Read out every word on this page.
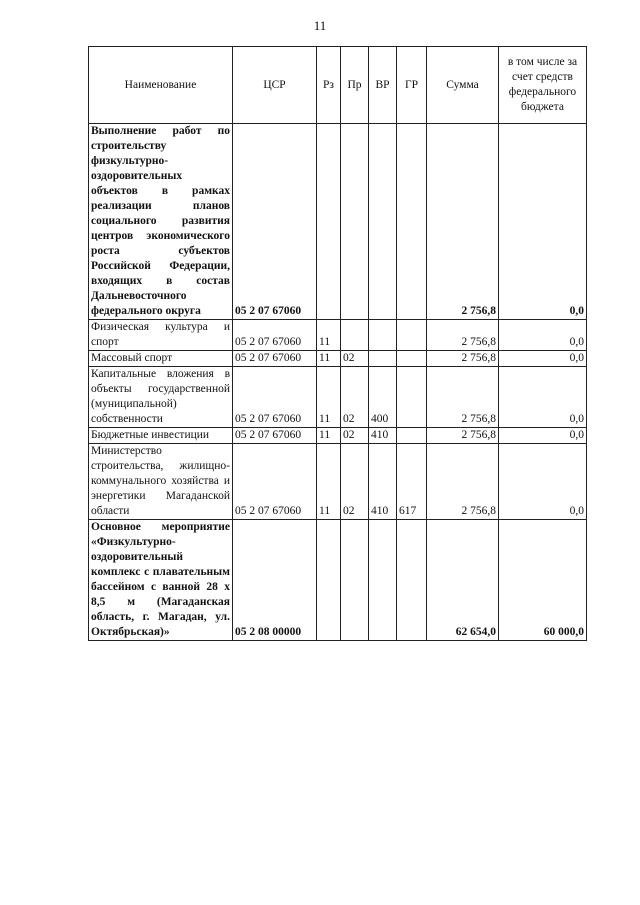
11
Наименование	ЦСР	Рз	Пр	ВР	ГР	Сумма	в том числе за счет средств федерального бюджета
Выполнение работ по строительству физкультурно-оздоровительных объектов в рамках реализации планов социального развития центров экономического роста субъектов Российской Федерации, входящих в состав Дальневосточного федерального округа	05 2 07 67060					2 756,8	0,0
Физическая культура и спорт	05 2 07 67060	11				2 756,8	0,0
Массовый спорт	05 2 07 67060	11	02			2 756,8	0,0
Капитальные вложения в объекты государственной (муниципальной) собственности	05 2 07 67060	11	02	400		2 756,8	0,0
Бюджетные инвестиции	05 2 07 67060	11	02	410		2 756,8	0,0
Министерство строительства, жилищно-коммунального хозяйства и энергетики Магаданской области	05 2 07 67060	11	02	410	617	2 756,8	0,0
Основное мероприятие «Физкультурно-оздоровительный комплекс с плавательным бассейном с ванной 28 х 8,5 м (Магаданская область, г. Магадан, ул. Октябрьская)»	05 2 08 00000					62 654,0	60 000,0
